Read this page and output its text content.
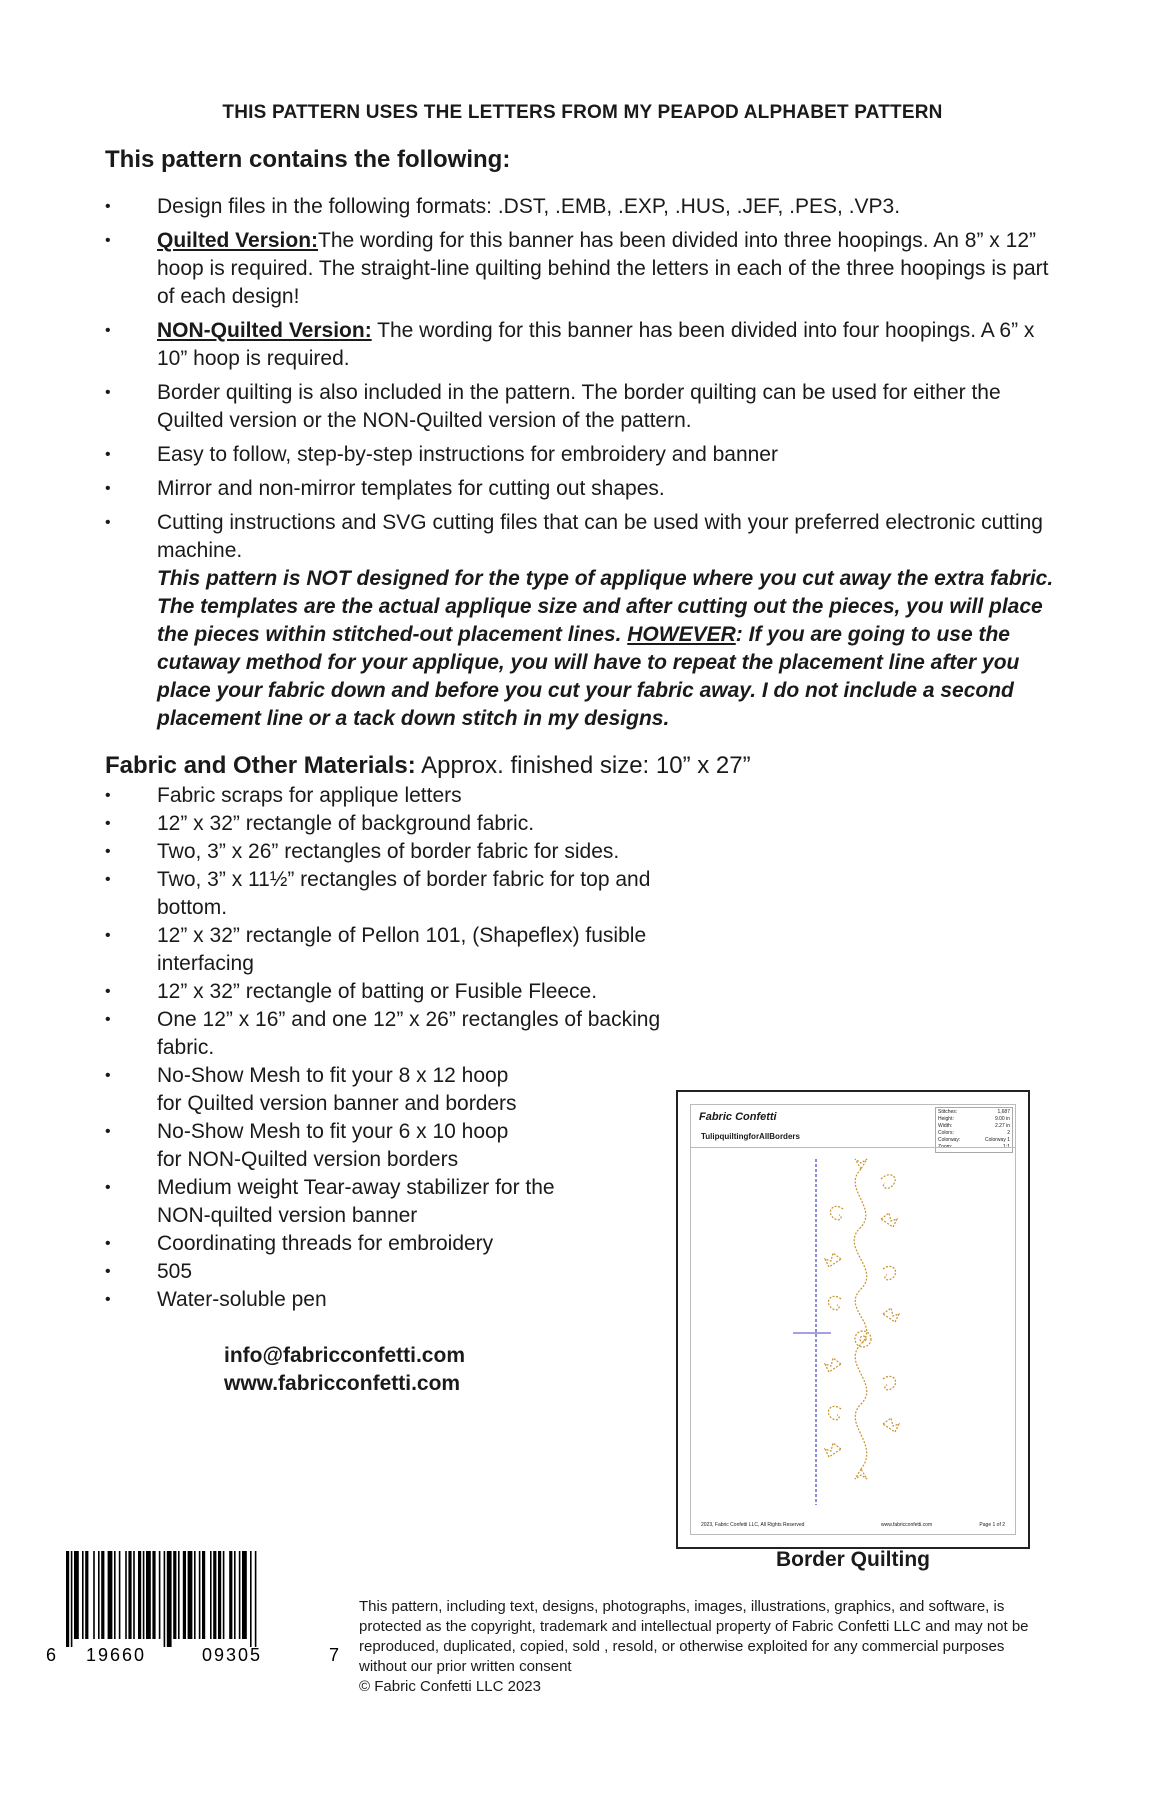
THIS PATTERN USES THE LETTERS FROM MY PEAPOD ALPHABET PATTERN
This pattern contains the following:
• Design files in the following formats: .DST, .EMB, .EXP, .HUS, .JEF, .PES, .VP3.
• Quilted Version:The wording for this banner has been divided into three hoopings. An 8” x 12” hoop is required. The straight-line quilting behind the letters in each of the three hoopings is part of each design!
• NON-Quilted Version: The wording for this banner has been divided into four hoopings. A 6” x 10” hoop is required.
• Border quilting is also included in the pattern. The border quilting can be used for either the Quilted version or the NON-Quilted version of the pattern.
• Easy to follow, step-by-step instructions for embroidery and banner
• Mirror and non-mirror templates for cutting out shapes.
• Cutting instructions and SVG cutting files that can be used with your preferred electronic cutting machine.
This pattern is NOT designed for the type of applique where you cut away the extra fabric. The templates are the actual applique size and after cutting out the pieces, you will place the pieces within stitched-out placement lines. HOWEVER: If you are going to use the cutaway method for your applique, you will have to repeat the placement line after you place your fabric down and before you cut your fabric away. I do not include a second placement line or a tack down stitch in my designs.
Fabric and Other Materials: Approx. finished size: 10” x 27”
• Fabric scraps for applique letters
• 12” x 32” rectangle of background fabric.
• Two, 3” x 26” rectangles of border fabric for sides.
• Two, 3” x 11½” rectangles of border fabric for top and bottom.
• 12” x 32” rectangle of Pellon 101, (Shapeflex) fusible interfacing
• 12” x 32” rectangle of batting or Fusible Fleece.
• One 12” x 16” and one 12” x 26” rectangles of backing fabric.
• No-Show Mesh to fit your 8 x 12 hoop
for Quilted version banner and borders
• No-Show Mesh to fit your 6 x 10 hoop
for NON-Quilted version borders
• Medium weight Tear-away stabilizer for the
NON-quilted version banner
• Coordinating threads for embroidery
• 505
• Water-soluble pen
info@fabricconfetti.com
www.fabricconfetti.com
Fabric Confetti
TulipquiltingforAllBorders
Stitches:	1,687
Height:	9.00 in
Width:	2.27 in
Colors:	2
Colorway:	Colorway 1
Zoom:	1:1
2023, Fabric Confetti LLC, All Rights Reserved	www.fabricconfetti.com	Page 1 of 2
Border Quilting
6 19660	09305	7
This pattern, including text, designs, photographs, images, illustrations, graphics, and software, is protected as the copyright, trademark and intellectual property of Fabric Confetti LLC and may not be reproduced, duplicated, copied, sold , resold, or otherwise exploited for any commercial purposes without our prior written consent
© Fabric Confetti LLC 2023
